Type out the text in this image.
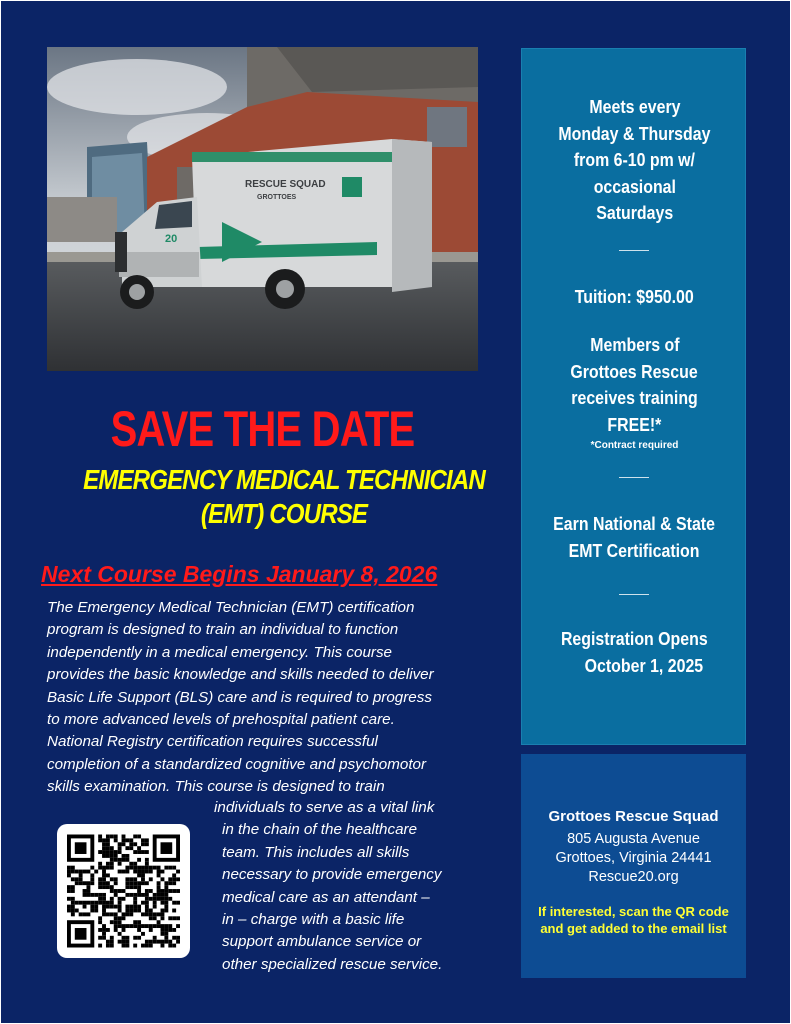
RESCUE SQUAD
GROTTOES
20
SAVE THE DATE
EMERGENCY MEDICAL TECHNICIAN
(EMT) COURSE
Next Course Begins January 8, 2026
The Emergency Medical Technician (EMT) certification
program is designed to train an individual to function
independently in a medical emergency. This course
provides the basic knowledge and skills needed to deliver
Basic Life Support (BLS) care and is required to progress
to more advanced levels of prehospital patient care.
National Registry certification requires successful
completion of a standardized cognitive and psychomotor
skills examination. This course is designed to train
individuals to serve as a vital link
in the chain of the healthcare
team. This includes all skills
necessary to provide emergency
medical care as an attendant –
in – charge with a basic life
support ambulance service or
other specialized rescue service.
Meets every
Monday & Thursday
from 6-10 pm w/
occasional
Saturdays
Tuition: $950.00
Members of
Grottoes Rescue
receives training
FREE!*
*Contract required
Earn National & State
EMT Certification
Registration Opens
October 1, 2025
Grottoes Rescue Squad
805 Augusta Avenue
Grottoes, Virginia 24441
Rescue20.org
If interested, scan the QR code and get added to the email list
